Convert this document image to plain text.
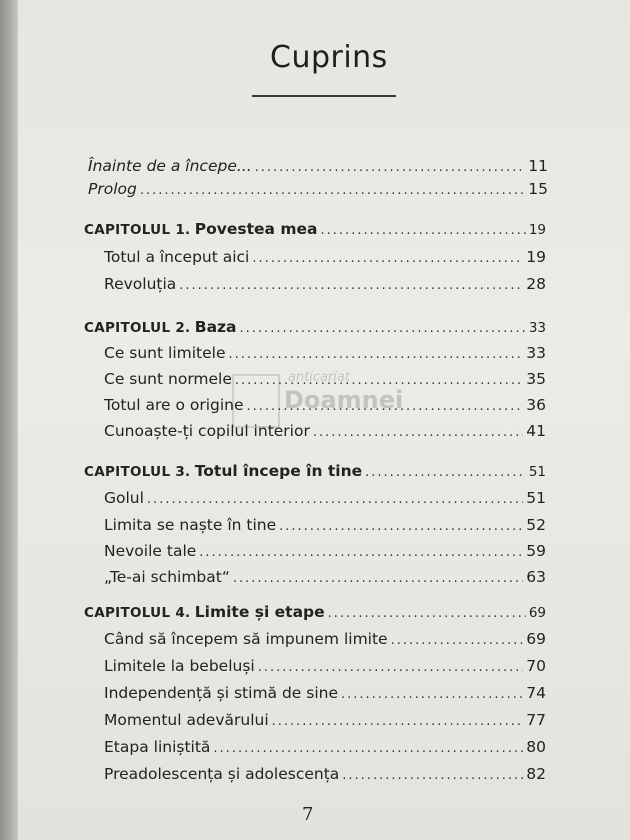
Cuprins
anticariat
Doamnei
Înainte de a începe... .....	11
Prolog .....	15
CAPITOLUL 1. Povestea mea .....	19
Totul a început aici .....	19
Revoluția .....	28
CAPITOLUL 2. Baza .....	33
Ce sunt limitele .....	33
Ce sunt normele .....	35
Totul are o origine .....	36
Cunoaște-ți copilul interior .....	41
CAPITOLUL 3. Totul începe în tine .....	51
Golul .....	51
Limita se naște în tine .....	52
Nevoile tale .....	59
„Te-ai schimbat“ .....	63
CAPITOLUL 4. Limite și etape .....	69
Când să începem să impunem limite .....	69
Limitele la bebeluși .....	70
Independență și stimă de sine .....	74
Momentul adevărului .....	77
Etapa liniștită .....	80
Preadolescența și adolescența .....	82
7
